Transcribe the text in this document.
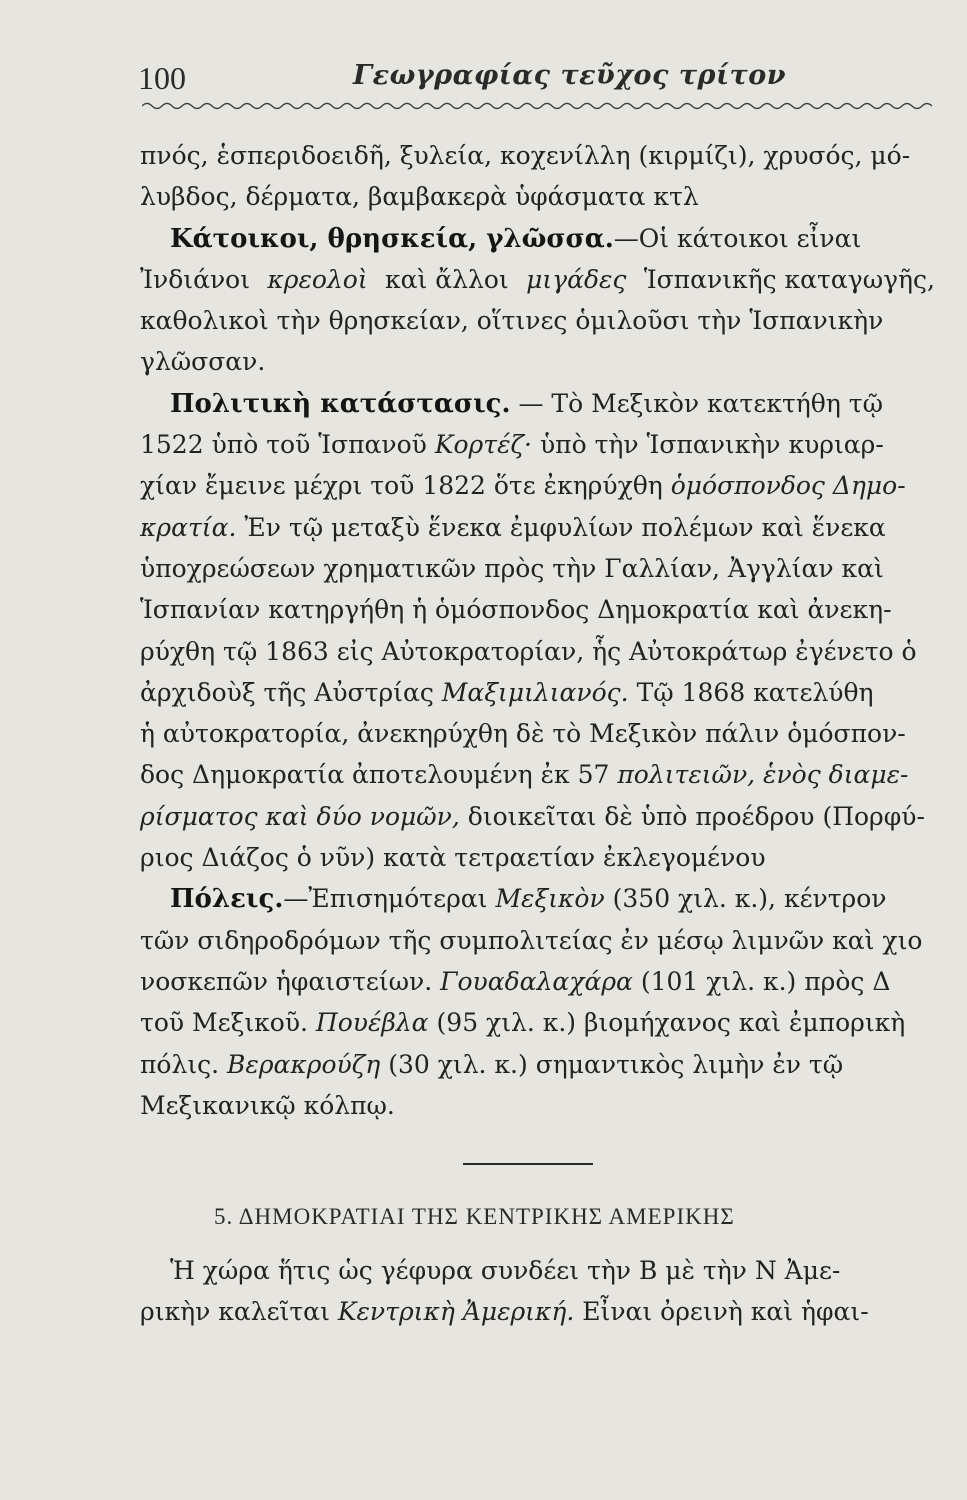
100	Γεωγραφίας τεῦχος τρίτον
πνός, ἑσπεριδοειδῆ, ξυλεία, κοχενίλλη (κιρμίζι), χρυσός, μό-
λυβδος, δέρματα, βαμβακερὰ ὑφάσματα κτλ
Κάτοικοι, θρησκεία, γλῶσσα.—Οἱ κάτοικοι εἶναι
Ἰνδιάνοι κρεολοὶ καὶ ἄλλοι μιγάδες Ἱσπανικῆς καταγωγῆς,
καθολικοὶ τὴν θρησκείαν, οἵτινες ὁμιλοῦσι τὴν Ἱσπανικὴν
γλῶσσαν.
Πολιτικὴ κατάστασις. — Τὸ Μεξικὸν κατεκτήθη τῷ
1522 ὑπὸ τοῦ Ἱσπανοῦ Κορτέζ· ὑπὸ τὴν Ἱσπανικὴν κυριαρ-
χίαν ἔμεινε μέχρι τοῦ 1822 ὅτε ἐκηρύχθη ὁμόσπονδος Δημο-
κρατία. Ἐν τῷ μεταξὺ ἕνεκα ἐμφυλίων πολέμων καὶ ἕνεκα
ὑποχρεώσεων χρηματικῶν πρὸς τὴν Γαλλίαν, Ἀγγλίαν καὶ
Ἱσπανίαν κατηργήθη ἡ ὁμόσπονδος Δημοκρατία καὶ ἀνεκη-
ρύχθη τῷ 1863 εἰς Αὐτοκρατορίαν, ἧς Αὐτοκράτωρ ἐγένετο ὁ
ἀρχιδοὺξ τῆς Αὐστρίας Μαξιμιλιανός. Τῷ 1868 κατελύθη
ἡ αὐτοκρατορία, ἀνεκηρύχθη δὲ τὸ Μεξικὸν πάλιν ὁμόσπον-
δος Δημοκρατία ἀποτελουμένη ἐκ 57 πολιτειῶν, ἑνὸς διαμε-
ρίσματος καὶ δύο νομῶν, διοικεῖται δὲ ὑπὸ προέδρου (Πορφύ-
ριος Διάζος ὁ νῦν) κατὰ τετραετίαν ἐκλεγομένου
Πόλεις.—Ἐπισημότεραι Μεξικὸν (350 χιλ. κ.), κέντρον
τῶν σιδηροδρόμων τῆς συμπολιτείας ἐν μέσῳ λιμνῶν καὶ χιο
νοσκεπῶν ἡφαιστείων. Γουαδαλαχάρα (101 χιλ. κ.) πρὸς Δ
τοῦ Μεξικοῦ. Πουέβλα (95 χιλ. κ.) βιομήχανος καὶ ἐμπορικὴ
πόλις. Βερακρούζη (30 χιλ. κ.) σημαντικὸς λιμὴν ἐν τῷ
Μεξικανικῷ κόλπῳ.
5. ΔΗΜΟΚΡΑΤΙΑΙ ΤΗΣ ΚΕΝΤΡΙΚΗΣ ΑΜΕΡΙΚΗΣ
Ἡ χώρα ἥτις ὡς γέφυρα συνδέει τὴν Β μὲ τὴν Ν Ἀμε-
ρικὴν καλεῖται Κεντρικὴ Ἀμερική. Εἶναι ὀρεινὴ καὶ ἡφαι-
